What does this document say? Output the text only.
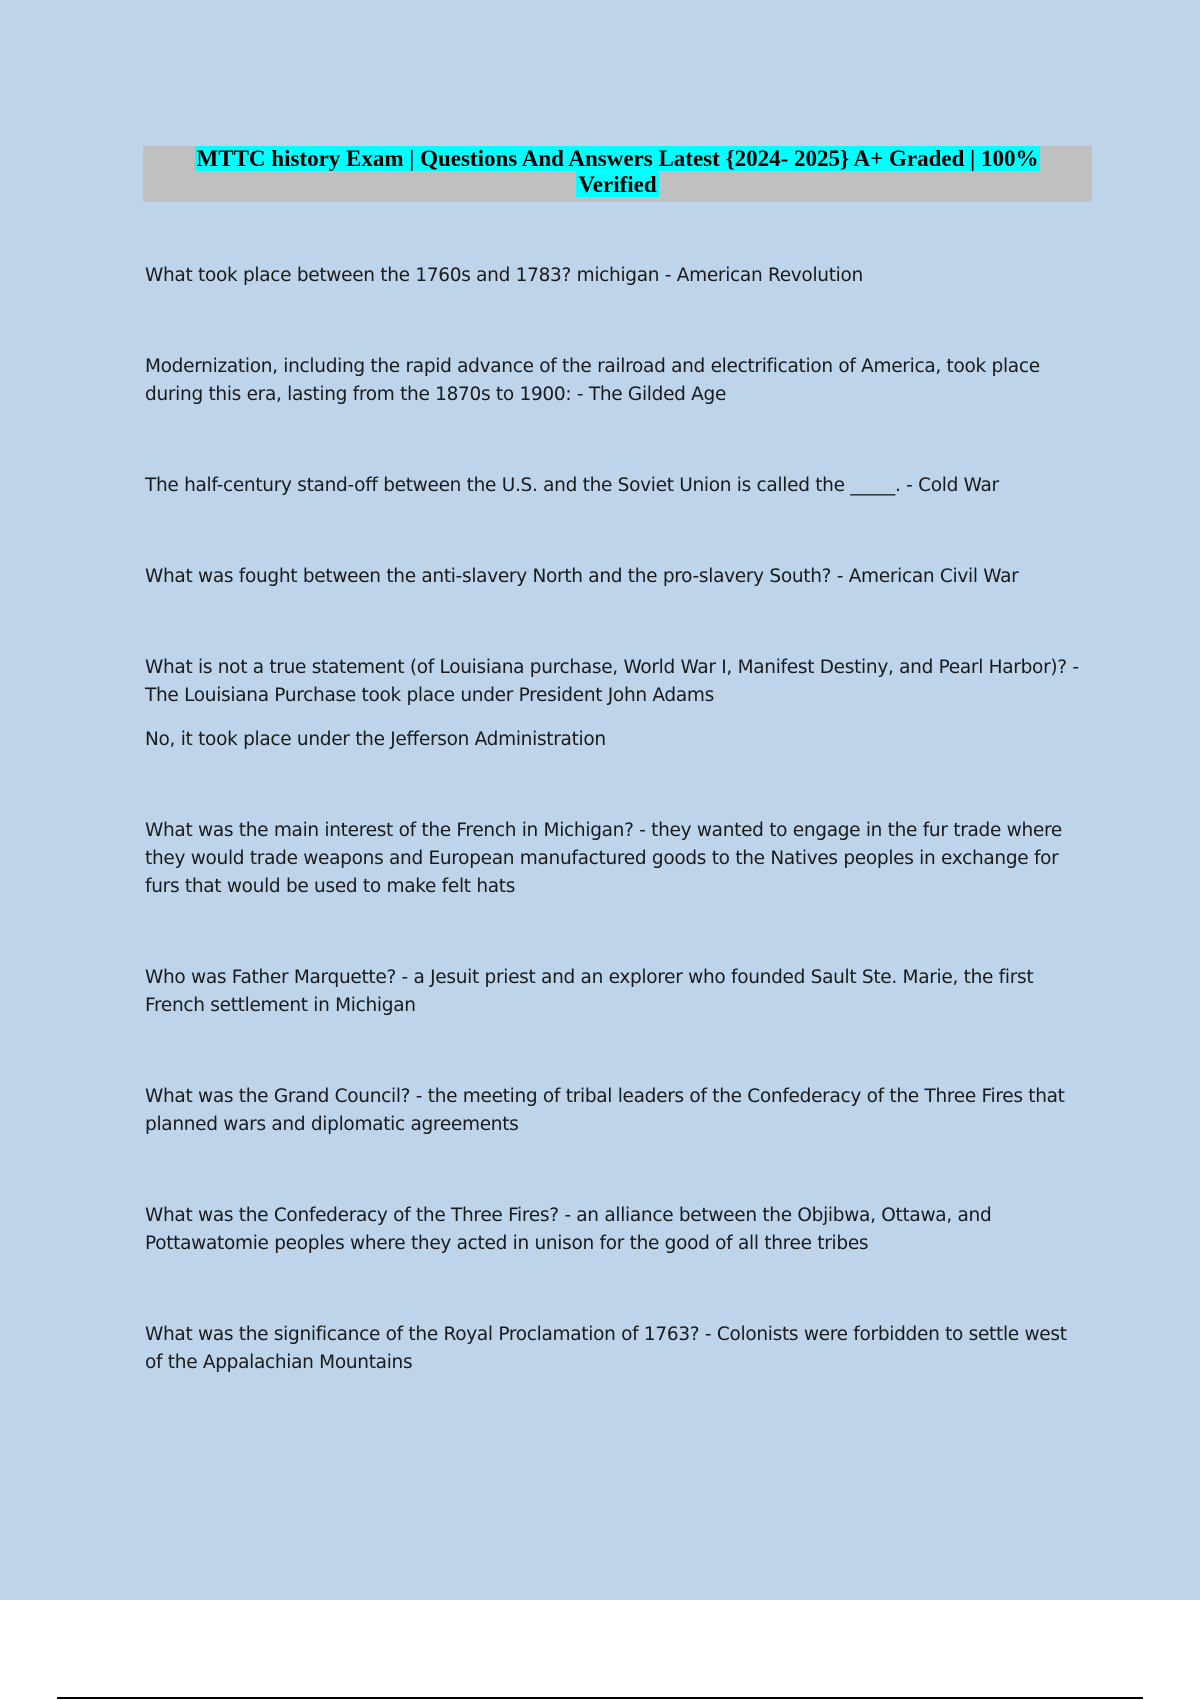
MTTC history Exam | Questions And Answers Latest {2024- 2025} A+ Graded | 100%
Verified

What took place between the 1760s and 1783? michigan - American Revolution

Modernization, including the rapid advance of the railroad and electrification of America, took place during this era, lasting from the 1870s to 1900: - The Gilded Age

The half-century stand-off between the U.S. and the Soviet Union is called the _____. - Cold War

What was fought between the anti-slavery North and the pro-slavery South? - American Civil War

What is not a true statement (of Louisiana purchase, World War I, Manifest Destiny, and Pearl Harbor)? - The Louisiana Purchase took place under President John Adams

No, it took place under the Jefferson Administration

What was the main interest of the French in Michigan? - they wanted to engage in the fur trade where they would trade weapons and European manufactured goods to the Natives peoples in exchange for furs that would be used to make felt hats

Who was Father Marquette? - a Jesuit priest and an explorer who founded Sault Ste. Marie, the first French settlement in Michigan

What was the Grand Council? - the meeting of tribal leaders of the Confederacy of the Three Fires that planned wars and diplomatic agreements

What was the Confederacy of the Three Fires? - an alliance between the Objibwa, Ottawa, and Pottawatomie peoples where they acted in unison for the good of all three tribes

What was the significance of the Royal Proclamation of 1763? - Colonists were forbidden to settle west of the Appalachian Mountains
